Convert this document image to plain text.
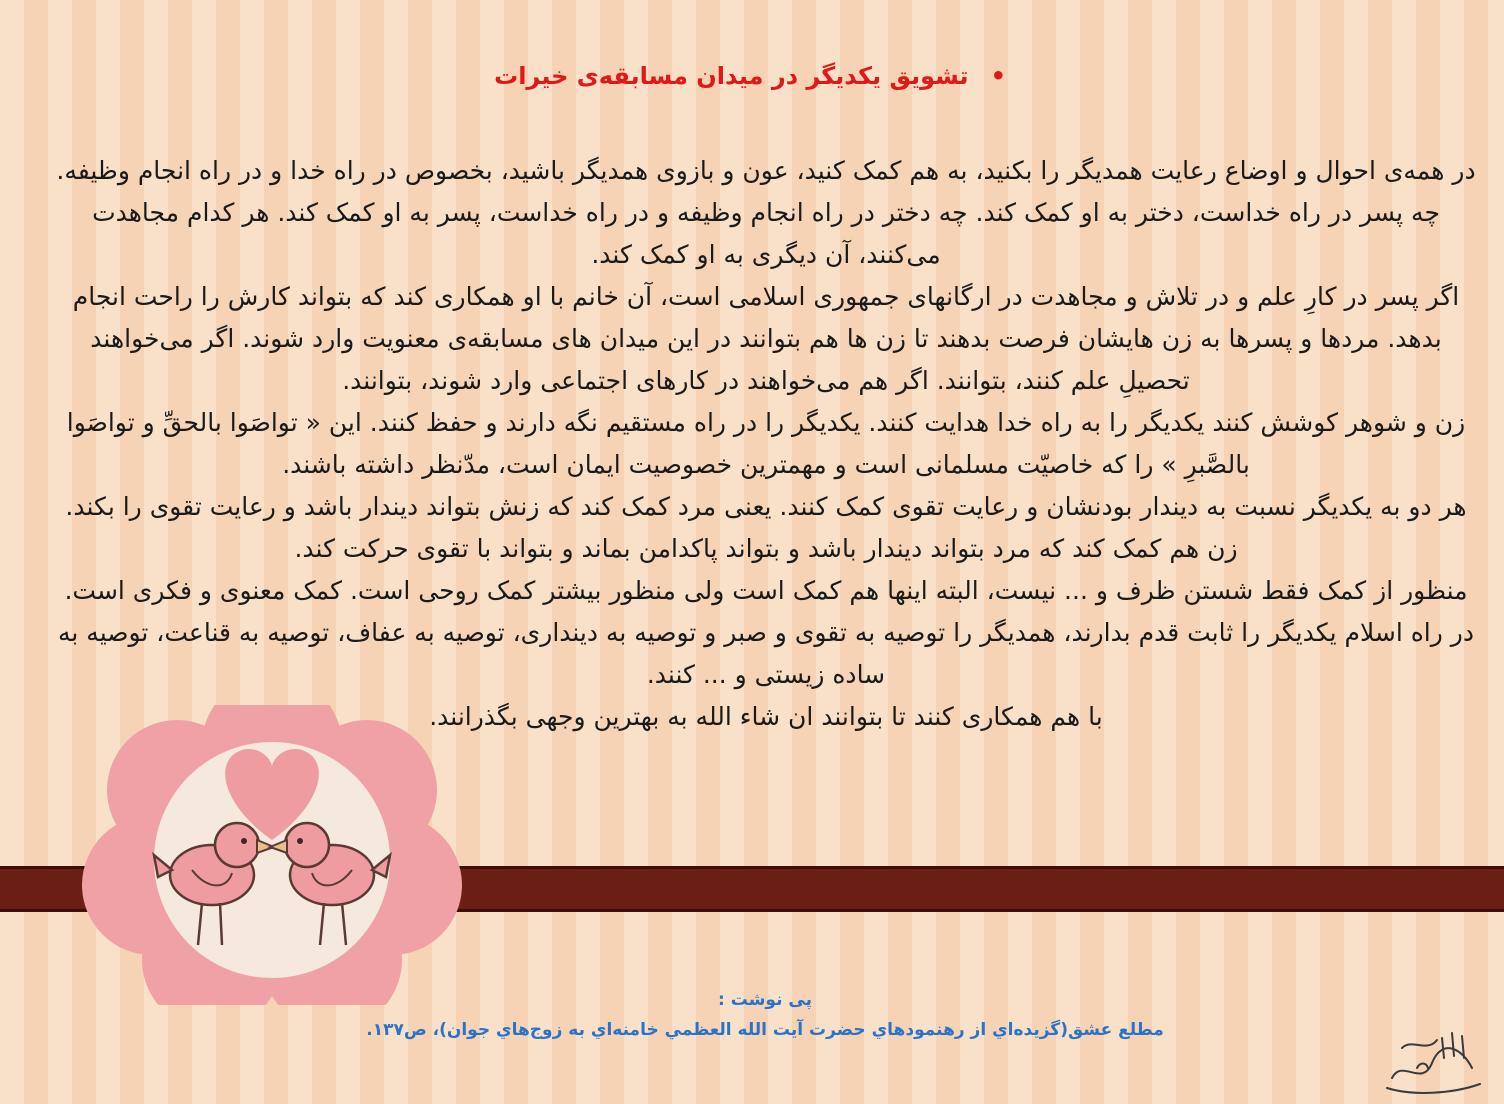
•تشویق یکدیگر در میدان مسابقه‌ی خیرات

در همه‌ی احوال و اوضاع رعایت همدیگر را بکنید، به هم کمک کنید، عون و بازوی همدیگر باشید، بخصوص در راه خدا و در راه انجام وظیفه. چه پسر در راه خداست، دختر به او کمک کند. چه دختر در راه انجام وظیفه و در راه خداست، پسر به او کمک کند. هر کدام مجاهدت می‌کنند، آن دیگری به او کمک کند.

اگر پسر در کارِ علم و در تلاش و مجاهدت در ارگانهای جمهوری اسلامی است، آن خانم با او همکاری کند که بتواند کارش را راحت انجام بدهد. مردها و پسرها به زن هایشان فرصت بدهند تا زن ها هم بتوانند در این میدان های مسابقه‌ی معنویت وارد شوند. اگر می‌خواهند تحصیلِ علم کنند، بتوانند. اگر هم می‌خواهند در کارهای اجتماعی وارد شوند، بتوانند.

زن و شوهر کوشش کنند یکدیگر را به راه خدا هدایت کنند. یکدیگر را در راه مستقیم نگه دارند و حفظ کنند. این « تواصَوا بالحقِّ و تواصَوا بالصَّبرِ » را که خاصیّت مسلمانی است و مهمترین خصوصیت ایمان است، مدّنظر داشته باشند.

هر دو به یکدیگر نسبت به دیندار بودنشان و رعایت تقوی کمک کنند. یعنی مرد کمک کند که زنش بتواند دیندار باشد و رعایت تقوی را بکند. زن هم کمک کند که مرد بتواند دیندار باشد و بتواند پاکدامن بماند و بتواند با تقوی حرکت کند.

منظور از کمک فقط شستن ظرف و ... نیست، البته اینها هم کمک است ولی منظور بیشتر کمک روحی است. کمک معنوی و فکری است. در راه اسلام یکدیگر را ثابت قدم بدارند، همدیگر را توصیه به تقوی و صبر و توصیه به دینداری، توصیه به عفاف، توصیه به قناعت، توصیه به ساده زیستی و ... کنند.

با هم همکاری کنند تا بتوانند ان شاء الله به بهترین وجهی بگذرانند.

پی نوشت :
مطلع عشق(گزيده‌اي از رهنمودهاي حضرت آيت الله العظمي خامنه‌اي به زوج‌هاي جوان)، ص۱۳۷.
